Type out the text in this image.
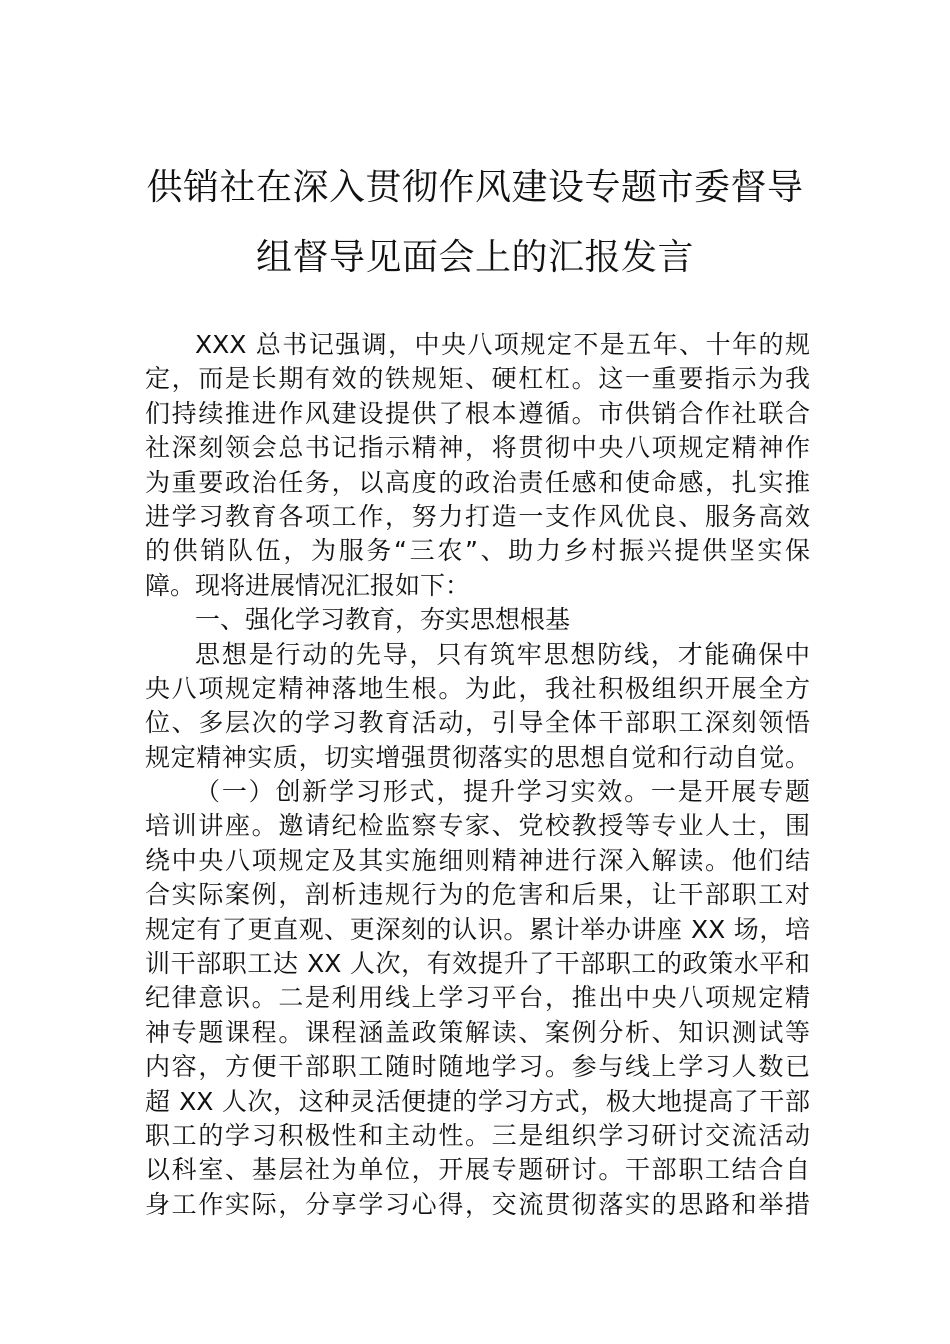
供销社在深入贯彻作风建设专题市委督导
组督导见面会上的汇报发言
XXX 总书记强调，中央八项规定不是五年、十年的规
定，而是长期有效的铁规矩、硬杠杠。这一重要指示为我
们持续推进作风建设提供了根本遵循。市供销合作社联合
社深刻领会总书记指示精神，将贯彻中央八项规定精神作
为重要政治任务，以高度的政治责任感和使命感，扎实推
进学习教育各项工作，努力打造一支作风优良、服务高效
的供销队伍，为服务“三农”、助力乡村振兴提供坚实保
障。现将进展情况汇报如下：
一、强化学习教育，夯实思想根基
思想是行动的先导，只有筑牢思想防线，才能确保中
央八项规定精神落地生根。为此，我社积极组织开展全方
位、多层次的学习教育活动，引导全体干部职工深刻领悟
规定精神实质，切实增强贯彻落实的思想自觉和行动自觉。
（一）创新学习形式，提升学习实效。一是开展专题
培训讲座。邀请纪检监察专家、党校教授等专业人士，围
绕中央八项规定及其实施细则精神进行深入解读。他们结
合实际案例，剖析违规行为的危害和后果，让干部职工对
规定有了更直观、更深刻的认识。累计举办讲座 XX 场，培
训干部职工达 XX 人次，有效提升了干部职工的政策水平和
纪律意识。二是利用线上学习平台，推出中央八项规定精
神专题课程。课程涵盖政策解读、案例分析、知识测试等
内容，方便干部职工随时随地学习。参与线上学习人数已
超 XX 人次，这种灵活便捷的学习方式，极大地提高了干部
职工的学习积极性和主动性。三是组织学习研讨交流活动
以科室、基层社为单位，开展专题研讨。干部职工结合自
身工作实际，分享学习心得，交流贯彻落实的思路和举措
